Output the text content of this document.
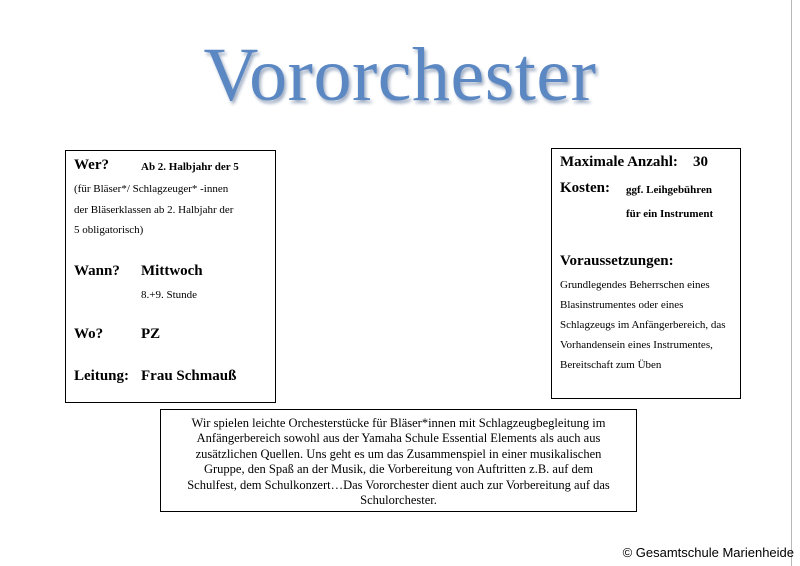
Vororchester
Wer?	Ab 2. Halbjahr der 5
(für Bläser*/ Schlagzeuger* -innen
der Bläserklassen ab 2. Halbjahr der
5 obligatorisch)
Wann? Mittwoch
8.+9. Stunde
Wo?	PZ
Leitung: Frau Schmauß
Maximale Anzahl: 30
Kosten: ggf. Leihgebühren
für ein Instrument
Voraussetzungen:
Grundlegendes Beherrschen eines
Blasinstrumentes oder eines
Schlagzeugs im Anfängerbereich, das
Vorhandensein eines Instrumentes,
Bereitschaft zum Üben
Wir spielen leichte Orchesterstücke für Bläser*innen mit Schlagzeugbegleitung im
Anfängerbereich sowohl aus der Yamaha Schule Essential Elements als auch aus
zusätzlichen Quellen. Uns geht es um das Zusammenspiel in einer musikalischen
Gruppe, den Spaß an der Musik, die Vorbereitung von Auftritten z.B. auf dem
Schulfest, dem Schulkonzert…Das Vororchester dient auch zur Vorbereitung auf das
Schulorchester.
© Gesamtschule Marienheide
